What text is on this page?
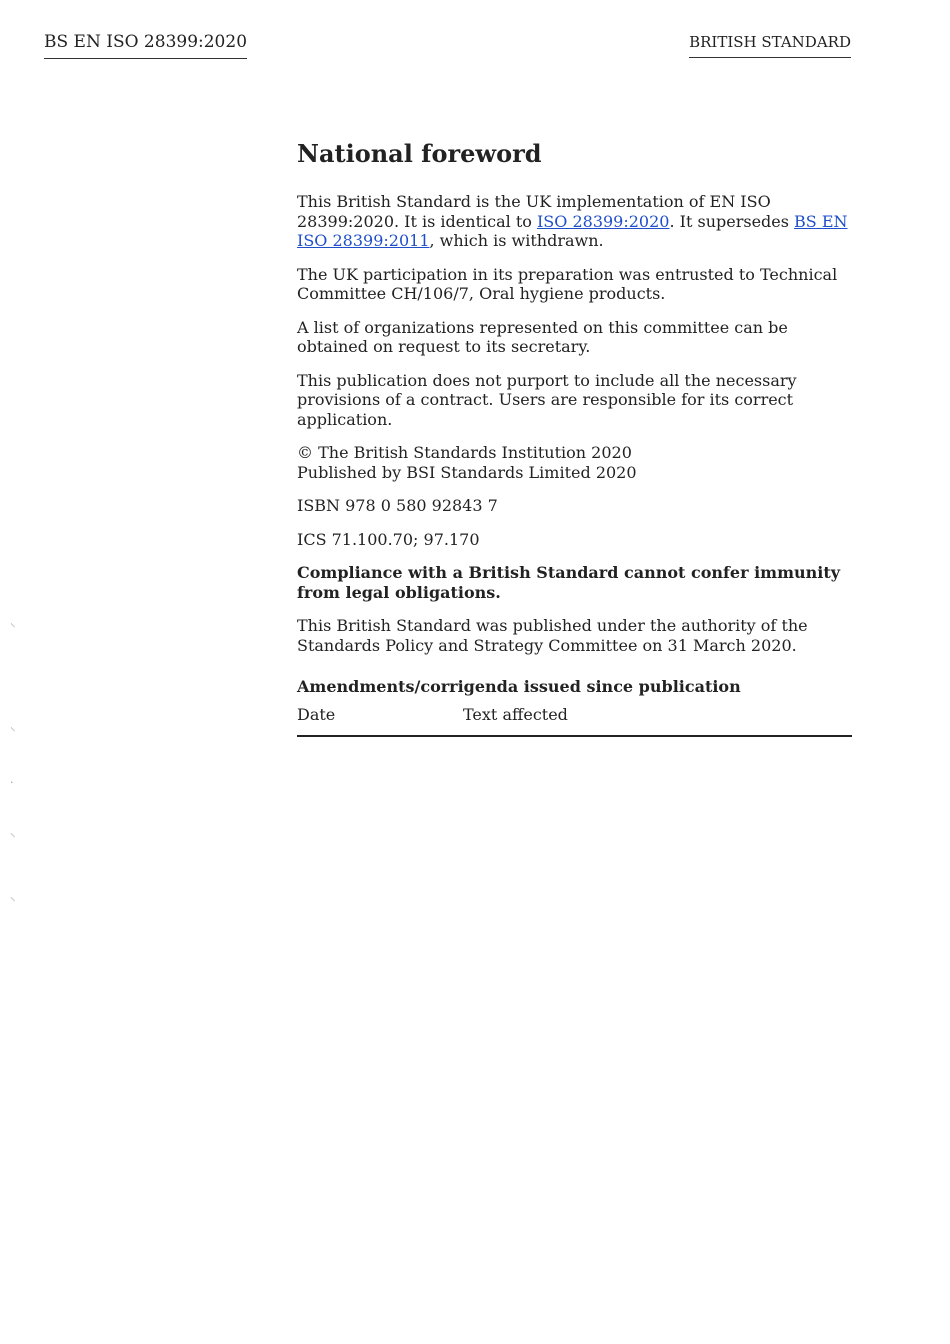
BS EN ISO 28399:2020	BRITISH STANDARD
National foreword

This British Standard is the UK implementation of EN ISO 28399:2020. It is identical to ISO 28399:2020. It supersedes BS EN ISO 28399:2011, which is withdrawn.

The UK participation in its preparation was entrusted to Technical Committee CH/106/7, Oral hygiene products.

A list of organizations represented on this committee can be obtained on request to its secretary.

This publication does not purport to include all the necessary provisions of a contract. Users are responsible for its correct application.

© The British Standards Institution 2020
Published by BSI Standards Limited 2020

ISBN 978 0 580 92843 7

ICS 71.100.70; 97.170

Compliance with a British Standard cannot confer immunity from legal obligations.

This British Standard was published under the authority of the Standards Policy and Strategy Committee on 31 March 2020.

Amendments/corrigenda issued since publication
Date	Text affected
⸌
⸌
·
⸌
⸌
